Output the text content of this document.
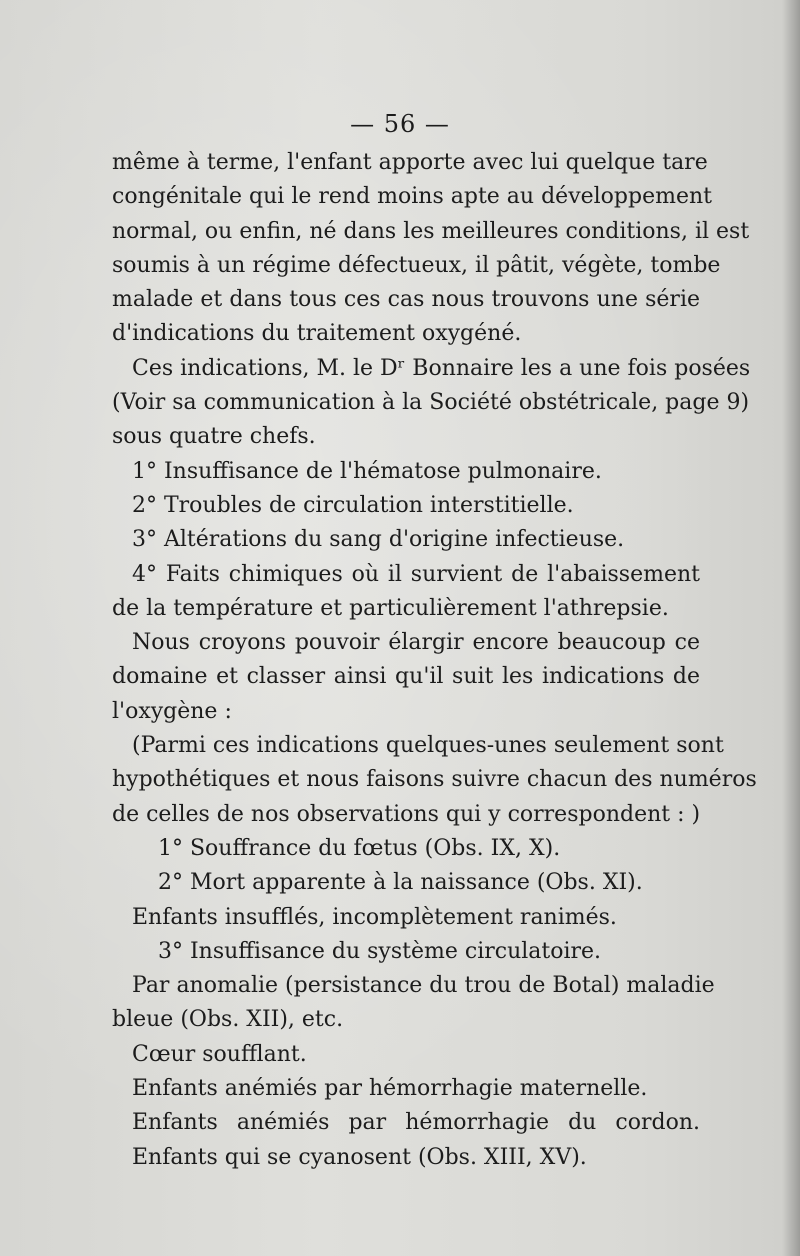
— 56 —
même à terme, l'enfant apporte avec lui quelque tare
congénitale qui le rend moins apte au développement
normal, ou enfin, né dans les meilleures conditions, il est
soumis à un régime défectueux, il pâtit, végète, tombe
malade et dans tous ces cas nous trouvons une série
d'indications du traitement oxygéné.
Ces indications, M. le Dʳ Bonnaire les a une fois posées
(Voir sa communication à la Société obstétricale, page 9)
sous quatre chefs.
1° Insuffisance de l'hématose pulmonaire.
2° Troubles de circulation interstitielle.
3° Altérations du sang d'origine infectieuse.
4° Faits chimiques où il survient de l'abaissement
de la température et particulièrement l'athrepsie.
Nous croyons pouvoir élargir encore beaucoup ce
domaine et classer ainsi qu'il suit les indications de
l'oxygène :
(Parmi ces indications quelques-unes seulement sont
hypothétiques et nous faisons suivre chacun des numéros
de celles de nos observations qui y correspondent : )
1° Souffrance du fœtus (Obs. IX, X).
2° Mort apparente à la naissance (Obs. XI).
Enfants insufflés, incomplètement ranimés.
3° Insuffisance du système circulatoire.
Par anomalie (persistance du trou de Botal) maladie
bleue (Obs. XII), etc.
Cœur soufflant.
Enfants anémiés par hémorrhagie maternelle.
Enfants anémiés par hémorrhagie du cordon.
Enfants qui se cyanosent (Obs. XIII, XV).
